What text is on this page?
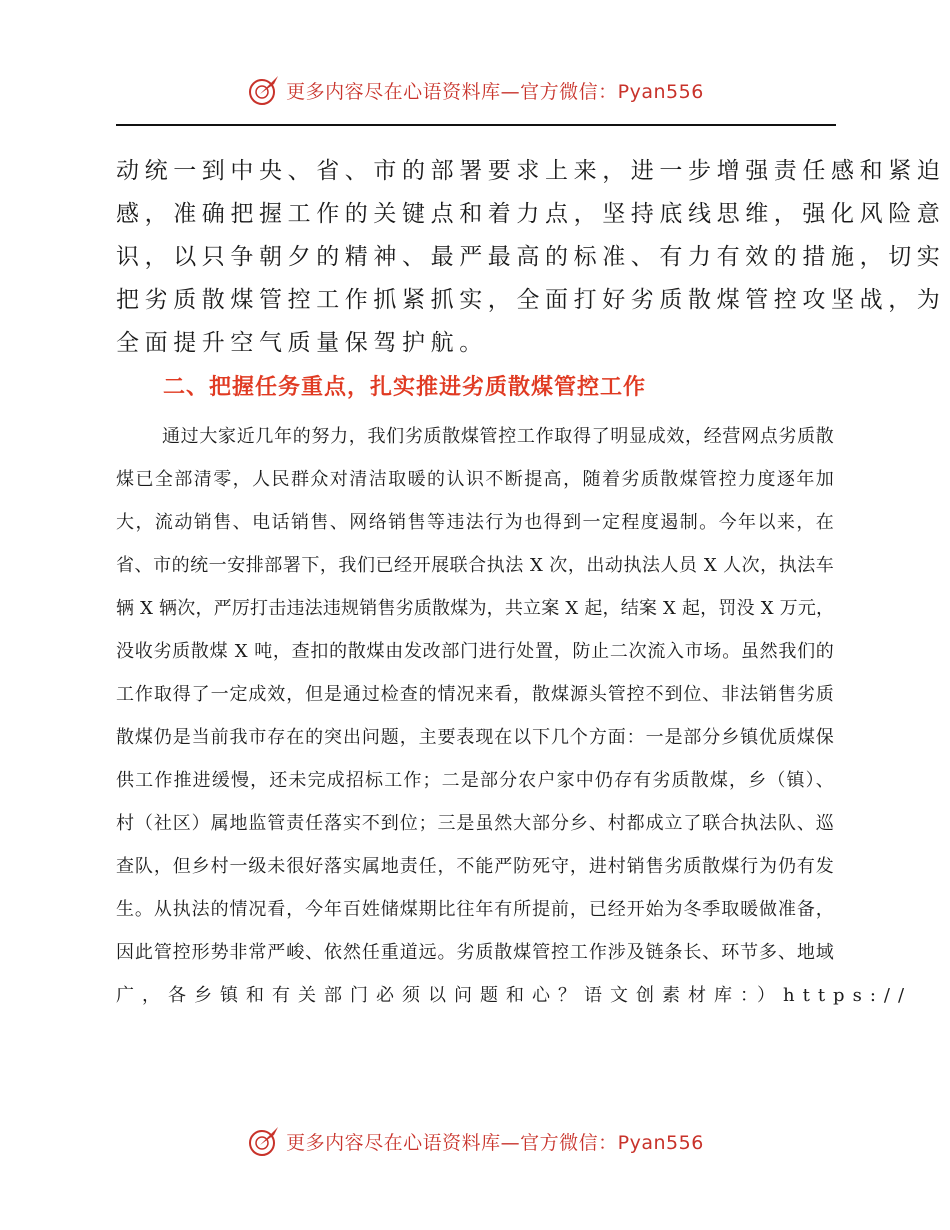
更多内容尽在心语资料库—官方微信：Pyan556
动统一到中央、省、市的部署要求上来，进一步增强责任感和紧迫
感，准确把握工作的关键点和着力点，坚持底线思维，强化风险意
识，以只争朝夕的精神、最严最高的标准、有力有效的措施，切实
把劣质散煤管控工作抓紧抓实，全面打好劣质散煤管控攻坚战，为
全面提升空气质量保驾护航。
二、把握任务重点，扎实推进劣质散煤管控工作
通过大家近几年的努力，我们劣质散煤管控工作取得了明显成效，经营网点劣质散
煤已全部清零，人民群众对清洁取暖的认识不断提高，随着劣质散煤管控力度逐年加
大，流动销售、电话销售、网络销售等违法行为也得到一定程度遏制。今年以来，在
省、市的统一安排部署下，我们已经开展联合执法 X 次，出动执法人员 X 人次，执法车
辆 X 辆次，严厉打击违法违规销售劣质散煤为，共立案 X 起，结案 X 起，罚没 X 万元，
没收劣质散煤 X 吨，查扣的散煤由发改部门进行处置，防止二次流入市场。虽然我们的
工作取得了一定成效，但是通过检查的情况来看，散煤源头管控不到位、非法销售劣质
散煤仍是当前我市存在的突出问题，主要表现在以下几个方面：一是部分乡镇优质煤保
供工作推进缓慢，还未完成招标工作；二是部分农户家中仍存有劣质散煤，乡（镇）、
村（社区）属地监管责任落实不到位；三是虽然大部分乡、村都成立了联合执法队、巡
查队，但乡村一级未很好落实属地责任，不能严防死守，进村销售劣质散煤行为仍有发
生。从执法的情况看，今年百姓储煤期比往年有所提前，已经开始为冬季取暖做准备，
因此管控形势非常严峻、依然任重道远。劣质散煤管控工作涉及链条长、环节多、地域
广，各乡镇和有关部门必须以问题和心？语文创素材库：）https://
更多内容尽在心语资料库—官方微信：Pyan556
